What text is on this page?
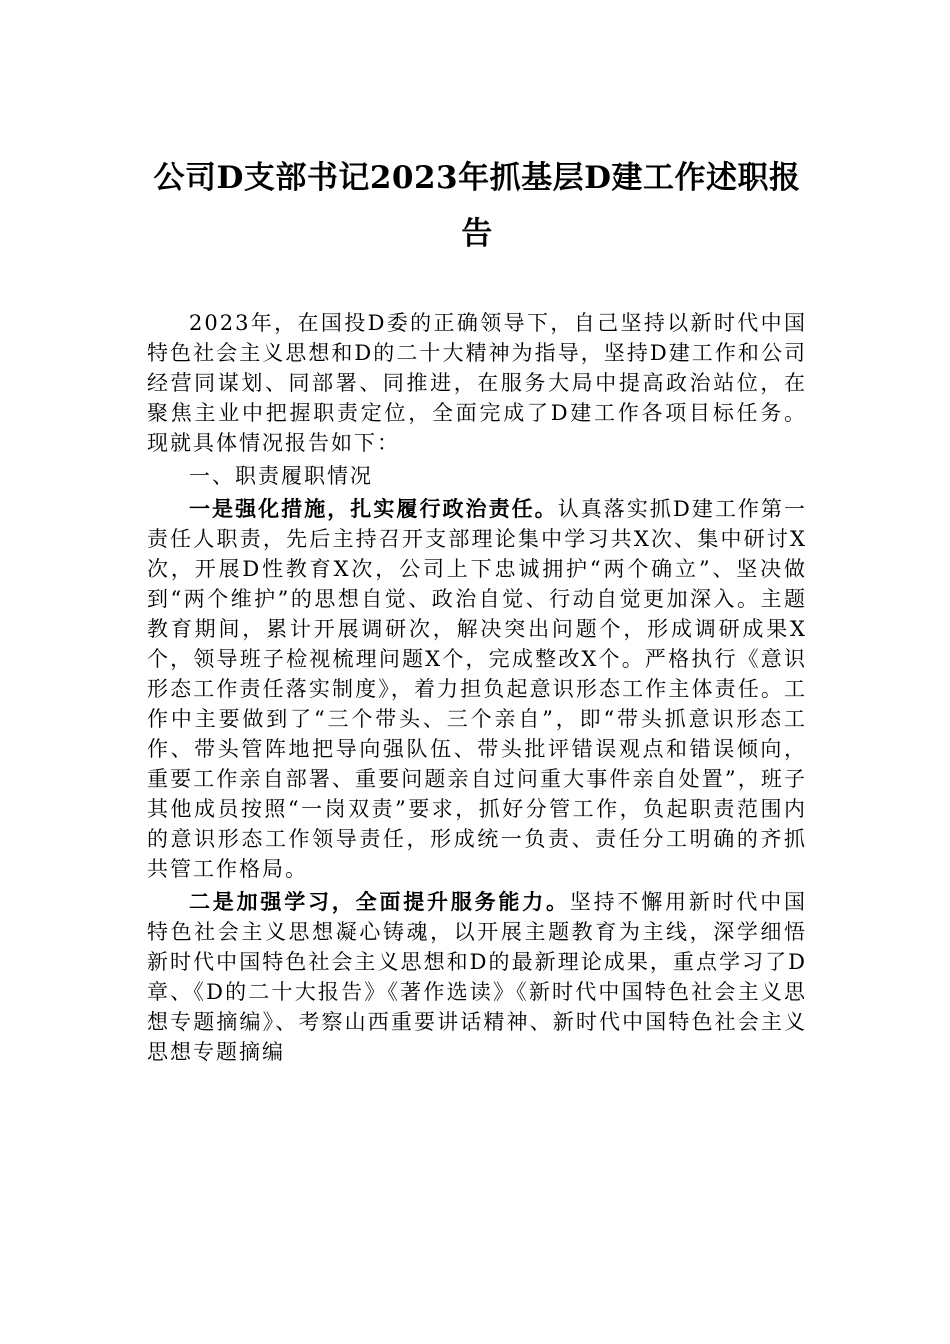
公司D支部书记2023年抓基层D建工作述职报告

2023年，在国投D委的正确领导下，自己坚持以新时代中国特色社会主义思想和D的二十大精神为指导，坚持D建工作和公司经营同谋划、同部署、同推进，在服务大局中提高政治站位，在聚焦主业中把握职责定位，全面完成了D建工作各项目标任务。现就具体情况报告如下：

一、职责履职情况

一是强化措施，扎实履行政治责任。认真落实抓D建工作第一责任人职责，先后主持召开支部理论集中学习共X次、集中研讨X次，开展D性教育X次，公司上下忠诚拥护“两个确立”、坚决做到“两个维护”的思想自觉、政治自觉、行动自觉更加深入。主题教育期间，累计开展调研次，解决突出问题个，形成调研成果X个，领导班子检视梳理问题X个，完成整改X个。严格执行《意识形态工作责任落实制度》，着力担负起意识形态工作主体责任。工作中主要做到了“三个带头、三个亲自”，即“带头抓意识形态工作、带头管阵地把导向强队伍、带头批评错误观点和错误倾向，重要工作亲自部署、重要问题亲自过问重大事件亲自处置”，班子其他成员按照“一岗双责”要求，抓好分管工作，负起职责范围内的意识形态工作领导责任，形成统一负责、责任分工明确的齐抓共管工作格局。

二是加强学习，全面提升服务能力。坚持不懈用新时代中国特色社会主义思想凝心铸魂，以开展主题教育为主线，深学细悟新时代中国特色社会主义思想和D的最新理论成果，重点学习了D章、《D的二十大报告》《著作选读》《新时代中国特色社会主义思想专题摘编》、考察山西重要讲话精神、新时代中国特色社会主义思想专题摘编
